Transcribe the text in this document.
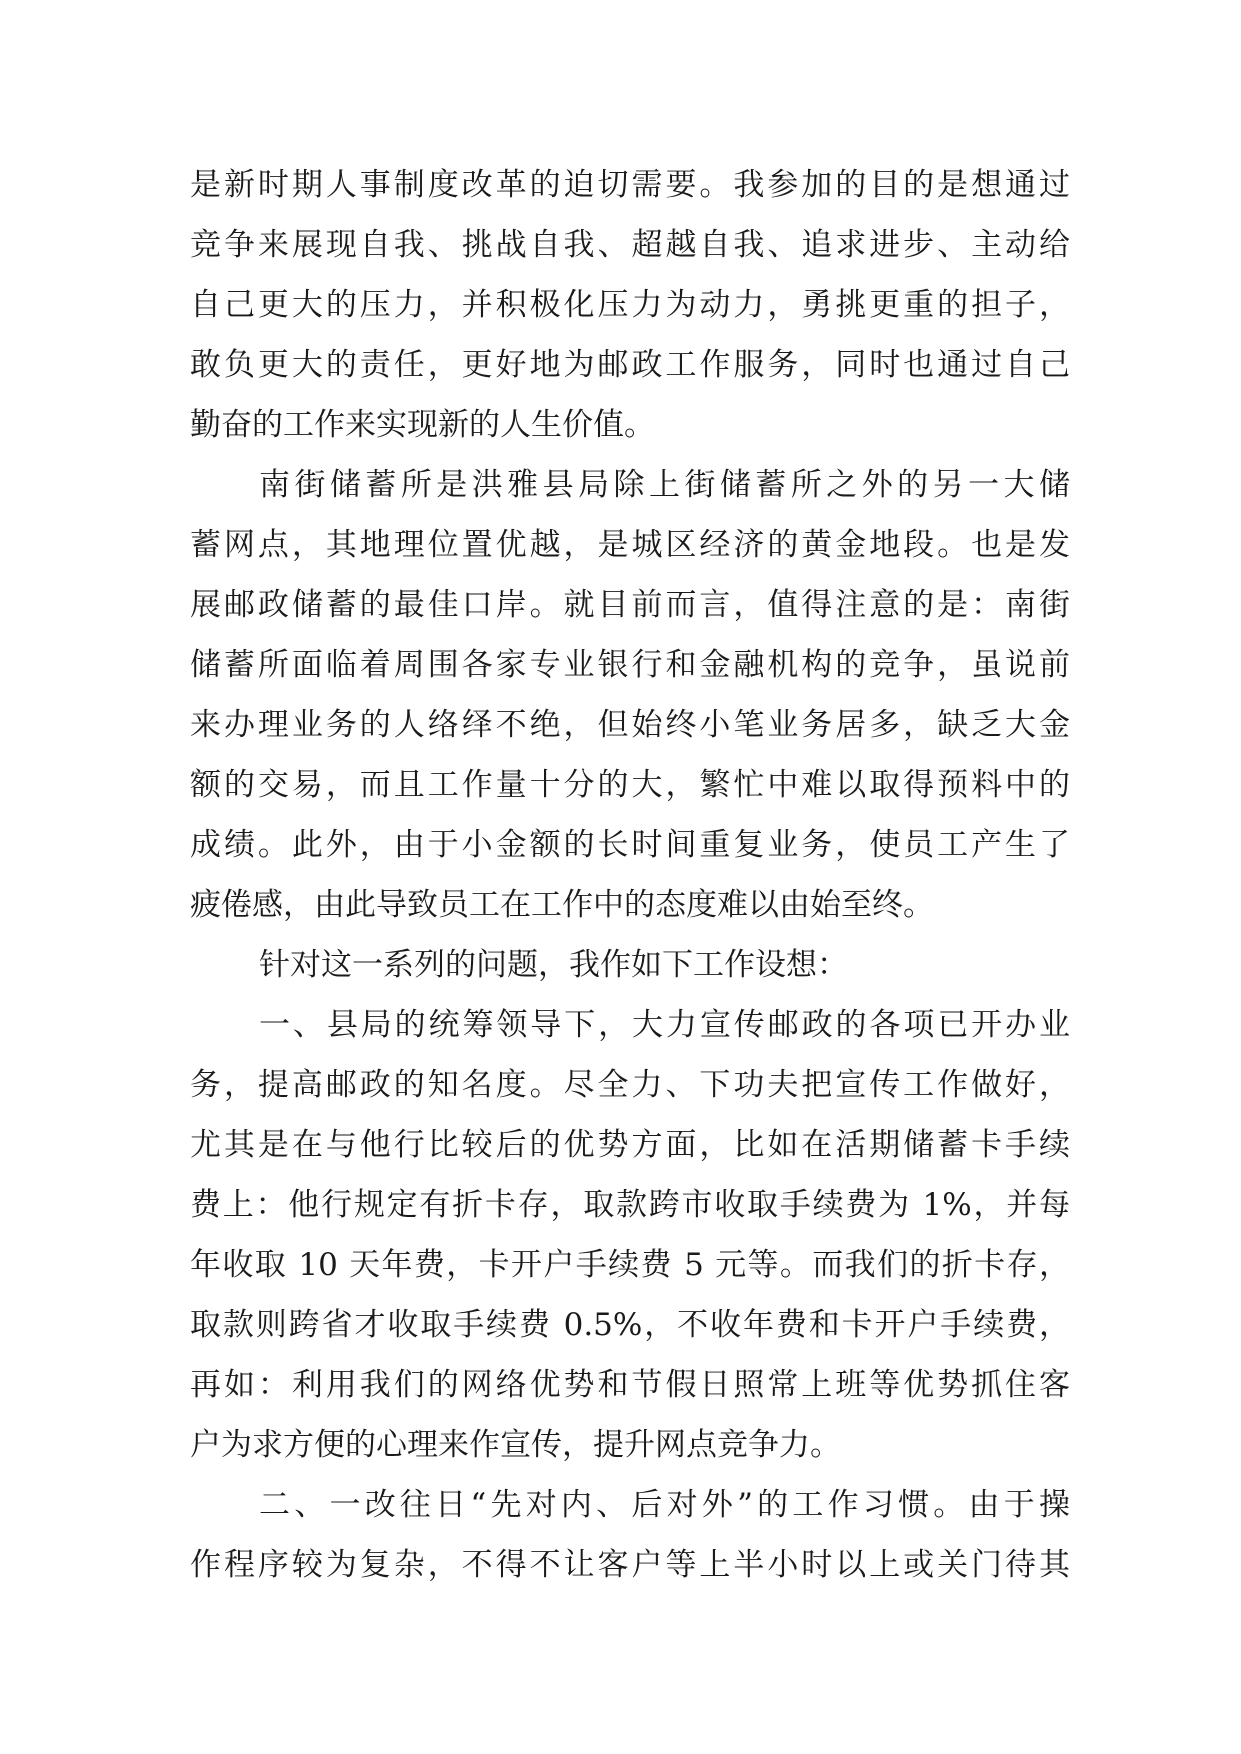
是新时期人事制度改革的迫切需要。我参加的目的是想通过
竞争来展现自我、挑战自我、超越自我、追求进步、主动给
自己更大的压力，并积极化压力为动力，勇挑更重的担子，
敢负更大的责任，更好地为邮政工作服务，同时也通过自己
勤奋的工作来实现新的人生价值。
南街储蓄所是洪雅县局除上街储蓄所之外的另一大储
蓄网点，其地理位置优越，是城区经济的黄金地段。也是发
展邮政储蓄的最佳口岸。就目前而言，值得注意的是：南街
储蓄所面临着周围各家专业银行和金融机构的竞争，虽说前
来办理业务的人络绎不绝，但始终小笔业务居多，缺乏大金
额的交易，而且工作量十分的大，繁忙中难以取得预料中的
成绩。此外，由于小金额的长时间重复业务，使员工产生了
疲倦感，由此导致员工在工作中的态度难以由始至终。
针对这一系列的问题，我作如下工作设想：
一、县局的统筹领导下，大力宣传邮政的各项已开办业
务，提高邮政的知名度。尽全力、下功夫把宣传工作做好，
尤其是在与他行比较后的优势方面，比如在活期储蓄卡手续
费上：他行规定有折卡存，取款跨市收取手续费为 1%，并每
年收取 10 天年费，卡开户手续费 5 元等。而我们的折卡存，
取款则跨省才收取手续费 0.5%，不收年费和卡开户手续费，
再如：利用我们的网络优势和节假日照常上班等优势抓住客
户为求方便的心理来作宣传，提升网点竞争力。
二、一改往日“先对内、后对外”的工作习惯。由于操
作程序较为复杂，不得不让客户等上半小时以上或关门待其
